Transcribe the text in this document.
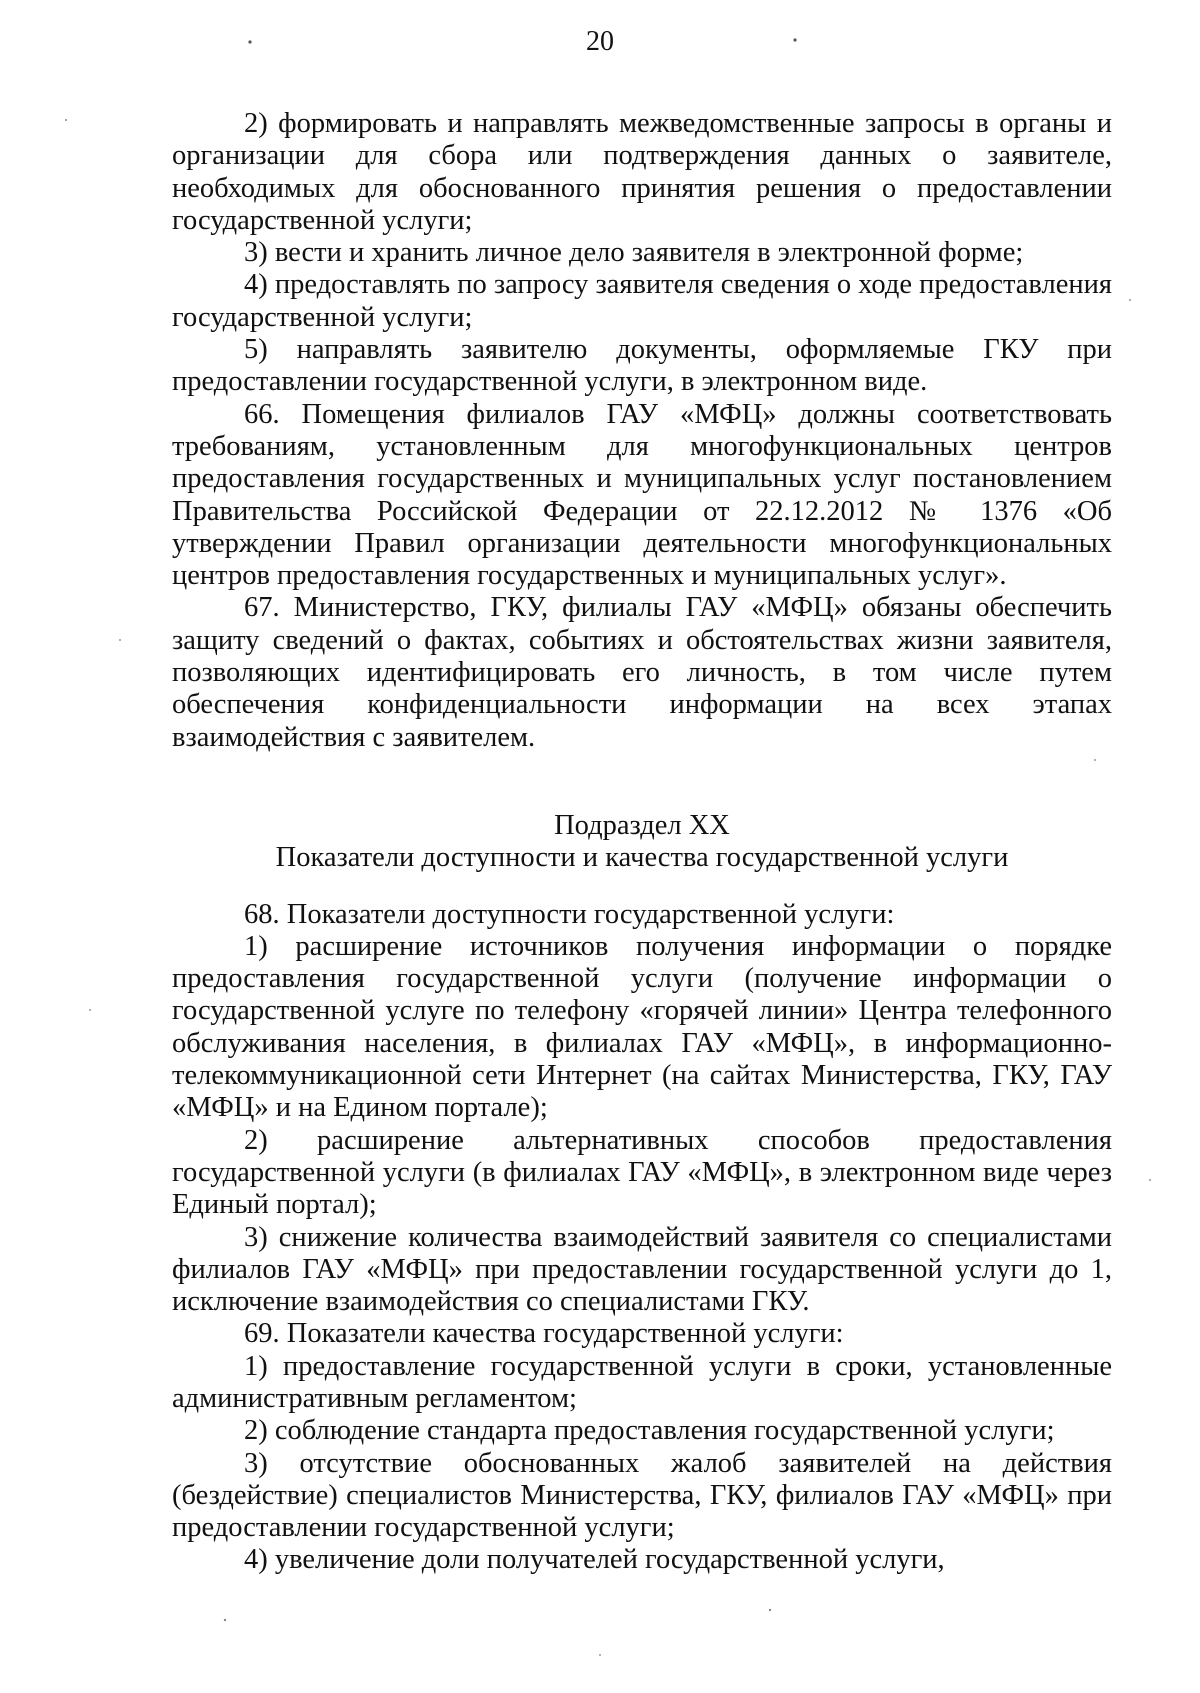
20

2) формировать и направлять межведомственные запросы в органы и организации для сбора или подтверждения данных о заявителе, необходимых для обоснованного принятия решения о предоставлении государственной услуги;

3) вести и хранить личное дело заявителя в электронной форме;

4) предоставлять по запросу заявителя сведения о ходе предоставления государственной услуги;

5) направлять заявителю документы, оформляемые ГКУ при предоставлении государственной услуги, в электронном виде.

66. Помещения филиалов ГАУ «МФЦ» должны соответствовать требованиям, установленным для многофункциональных центров предоставления государственных и муниципальных услуг постановлением Правительства Российской Федерации от 22.12.2012 № 1376 «Об утверждении Правил организации деятельности многофункциональных центров предоставления государственных и муниципальных услуг».

67. Министерство, ГКУ, филиалы ГАУ «МФЦ» обязаны обеспечить защиту сведений о фактах, событиях и обстоятельствах жизни заявителя, позволяющих идентифицировать его личность, в том числе путем обеспечения конфиденциальности информации на всех этапах взаимодействия с заявителем.

Подраздел XX

Показатели доступности и качества государственной услуги

68. Показатели доступности государственной услуги:

1) расширение источников получения информации о порядке предоставления государственной услуги (получение информации о государственной услуге по телефону «горячей линии» Центра телефонного обслуживания населения, в филиалах ГАУ «МФЦ», в информационно-телекоммуникационной сети Интернет (на сайтах Министерства, ГКУ, ГАУ «МФЦ» и на Едином портале);

2) расширение альтернативных способов предоставления государственной услуги (в филиалах ГАУ «МФЦ», в электронном виде через Единый портал);

3) снижение количества взаимодействий заявителя со специалистами филиалов ГАУ «МФЦ» при предоставлении государственной услуги до 1, исключение взаимодействия со специалистами ГКУ.

69. Показатели качества государственной услуги:

1) предоставление государственной услуги в сроки, установленные административным регламентом;

2) соблюдение стандарта предоставления государственной услуги;

3) отсутствие обоснованных жалоб заявителей на действия (бездействие) специалистов Министерства, ГКУ, филиалов ГАУ «МФЦ» при предоставлении государственной услуги;

4) увеличение доли получателей государственной услуги,
